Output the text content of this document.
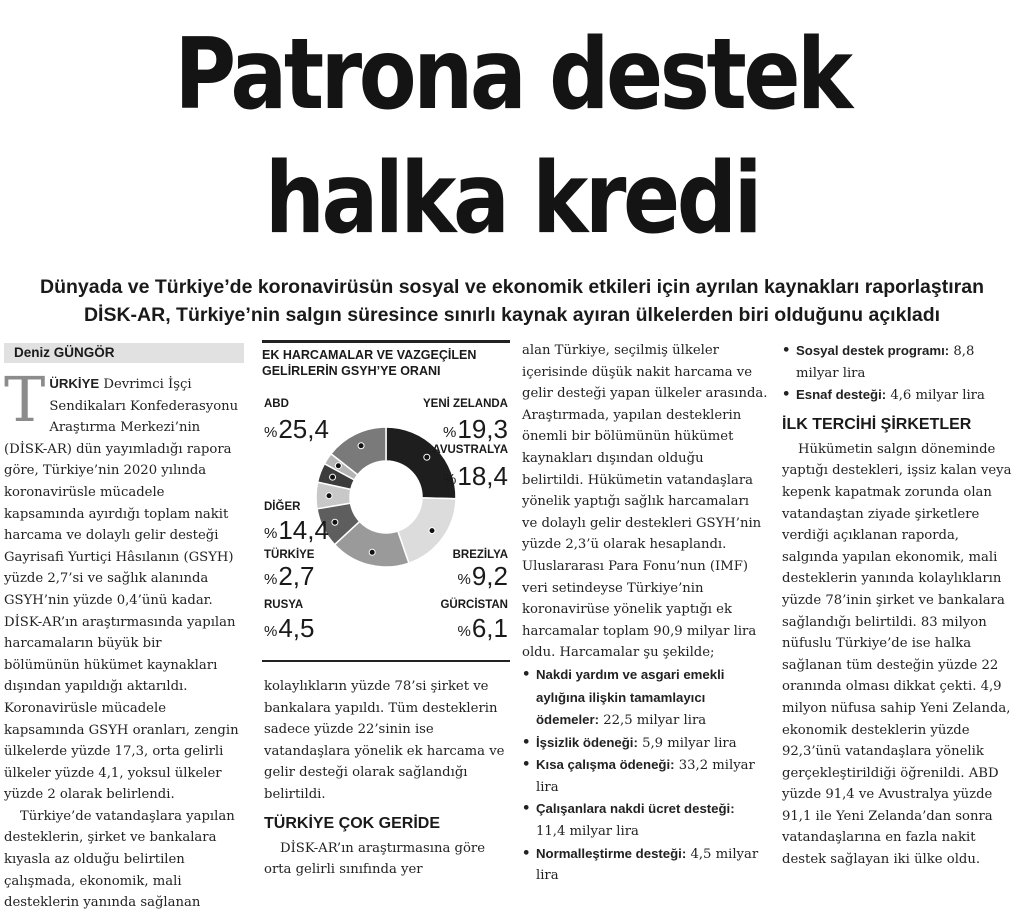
Patrona destek
halka kredi
Dünyada ve Türkiye’de koronavirüsün sosyal ve ekonomik etkileri için ayrılan kaynakları raporlaştıran
DİSK-AR, Türkiye’nin salgın süresince sınırlı kaynak ayıran ülkelerden biri olduğunu açıkladı
Deniz GÜNGÖR

TÜRKİYE Devrimci İşçi Sendikaları Konfederasyonu Araştırma Merkezi’nin (DİSK-AR) dün yayımladığı rapora göre, Türkiye’nin 2020 yılında koronavirüsle mücadele kapsamında ayırdığı toplam nakit harcama ve dolaylı gelir desteği Gayrisafi Yurtiçi Hâsılanın (GSYH) yüzde 2,7’si ve sağlık alanında GSYH’nin yüzde 0,4’ünü kadar. DİSK-AR’ın araştırmasında yapılan harcamaların büyük bir bölümünün hükümet kaynakları dışından yapıldığı aktarıldı. Koronavirüsle mücadele kapsamında GSYH oranları, zengin ülkelerde yüzde 17,3, orta gelirli ülkeler yüzde 4,1, yoksul ülkeler yüzde 2 olarak belirlendi.

Türkiye’de vatandaşlara yapılan desteklerin, şirket ve bankalara kıyasla az olduğu belirtilen çalışmada, ekonomik, mali desteklerin yanında sağlanan

EK HARCAMALAR VE VAZGEÇİLEN GELİRLERİN GSYH’YE ORANI
ABD
%25,4
YENİ ZELANDA
%19,3
AVUSTRALYA
%18,4
BREZİLYA
%9,2
GÜRCİSTAN
%6,1
RUSYA
%4,5
TÜRKİYE
%2,7
DİĞER
%14,4

kolaylıkların yüzde 78’si şirket ve bankalara yapıldı. Tüm desteklerin sadece yüzde 22’sinin ise vatandaşlara yönelik ek harcama ve gelir desteği olarak sağlandığı belirtildi.

TÜRKİYE ÇOK GERİDE

DİSK-AR’ın araştırmasına göre orta gelirli sınıfında yer

alan Türkiye, seçilmiş ülkeler içerisinde düşük nakit harcama ve gelir desteği yapan ülkeler arasında. Araştırmada, yapılan desteklerin önemli bir bölümünün hükümet kaynakları dışından olduğu belirtildi. Hükümetin vatandaşlara yönelik yaptığı sağlık harcamaları ve dolaylı gelir destekleri GSYH’nin yüzde 2,3’ü olarak hesaplandı. Uluslararası Para Fonu’nun (IMF) veri setindeyse Türkiye’nin koronavirüse yönelik yaptığı ek harcamalar toplam 90,9 milyar lira oldu. Harcamalar şu şekilde;

• Nakdi yardım ve asgari emekli aylığına ilişkin tamamlayıcı ödemeler: 22,5 milyar lira
• İşsizlik ödeneği: 5,9 milyar lira
• Kısa çalışma ödeneği: 33,2 milyar lira
• Çalışanlara nakdi ücret desteği: 11,4 milyar lira
• Normalleştirme desteği: 4,5 milyar lira
• Sosyal destek programı: 8,8 milyar lira
• Esnaf desteği: 4,6 milyar lira
İLK TERCİHİ ŞİRKETLER

Hükümetin salgın döneminde yaptığı destekleri, işsiz kalan veya kepenk kapatmak zorunda olan vatandaştan ziyade şirketlere verdiği açıklanan raporda, salgında yapılan ekonomik, mali desteklerin yanında kolaylıkların yüzde 78’inin şirket ve bankalara sağlandığı belirtildi. 83 milyon nüfuslu Türkiye’de ise halka sağlanan tüm desteğin yüzde 22 oranında olması dikkat çekti. 4,9 milyon nüfusa sahip Yeni Zelanda, ekonomik desteklerin yüzde 92,3’ünü vatandaşlara yönelik gerçekleştirildiği öğrenildi. ABD yüzde 91,4 ve Avustralya yüzde 91,1 ile Yeni Zelanda’dan sonra vatandaşlarına en fazla nakit destek sağlayan iki ülke oldu.
